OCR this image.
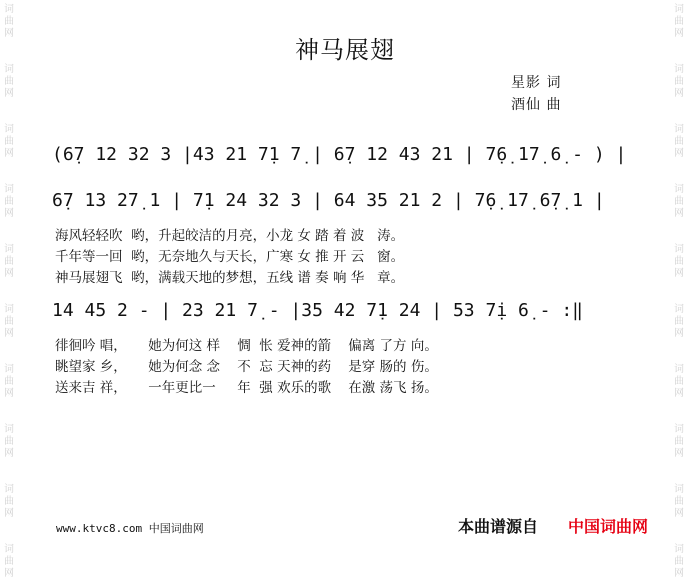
词
曲
网
词
曲
网
词
曲
网
词
曲
网
词
曲
网
词
曲
网
词
曲
网
词
曲
网
词
曲
网
词
曲
网
词
曲
网
词
曲
网
词
曲
网
词
曲
网
词
曲
网
词
曲
网
词
曲
网
词
曲
网
词
曲
网
词
曲
网
神马展翅
星影 词
酒仙 曲
(6̣7 12 32 3 |43 21 7̣1 7̣ | 6̣7 12 43 21 | 7̣6̣ 17̣ 6̣ - ) |
6̣7 13 27̣ 1 | 7̣1 24 32 3 | 64 35 21 2 | 7̣6̣ 17̣ 6̣7̣ 1 |
海风轻轻吹  哟，升起皎洁的月亮，小龙 女 踏 着 波   涛。
千年等一回  哟，无奈地久与天长，广寒 女 推 开 云   窗。
神马展翅飞  哟，满载天地的梦想，五线 谱 奏 响 华   章。
14 45 2 - | 23 21 7̣ - |35 42 7̣1 24 | 53 7̣i 6̣ - :‖
徘徊吟 唱，     她为何这 样    惆  怅 爱神的箭    偏离 了方 向。
眺望家 乡，     她为何念 念    不  忘 天神的药    是穿 肠的 伤。
送来吉 祥，     一年更比一     年  强 欢乐的歌    在激 荡飞 扬。
www.ktvc8.com 中国词曲网	本曲谱源自 中国词曲网
